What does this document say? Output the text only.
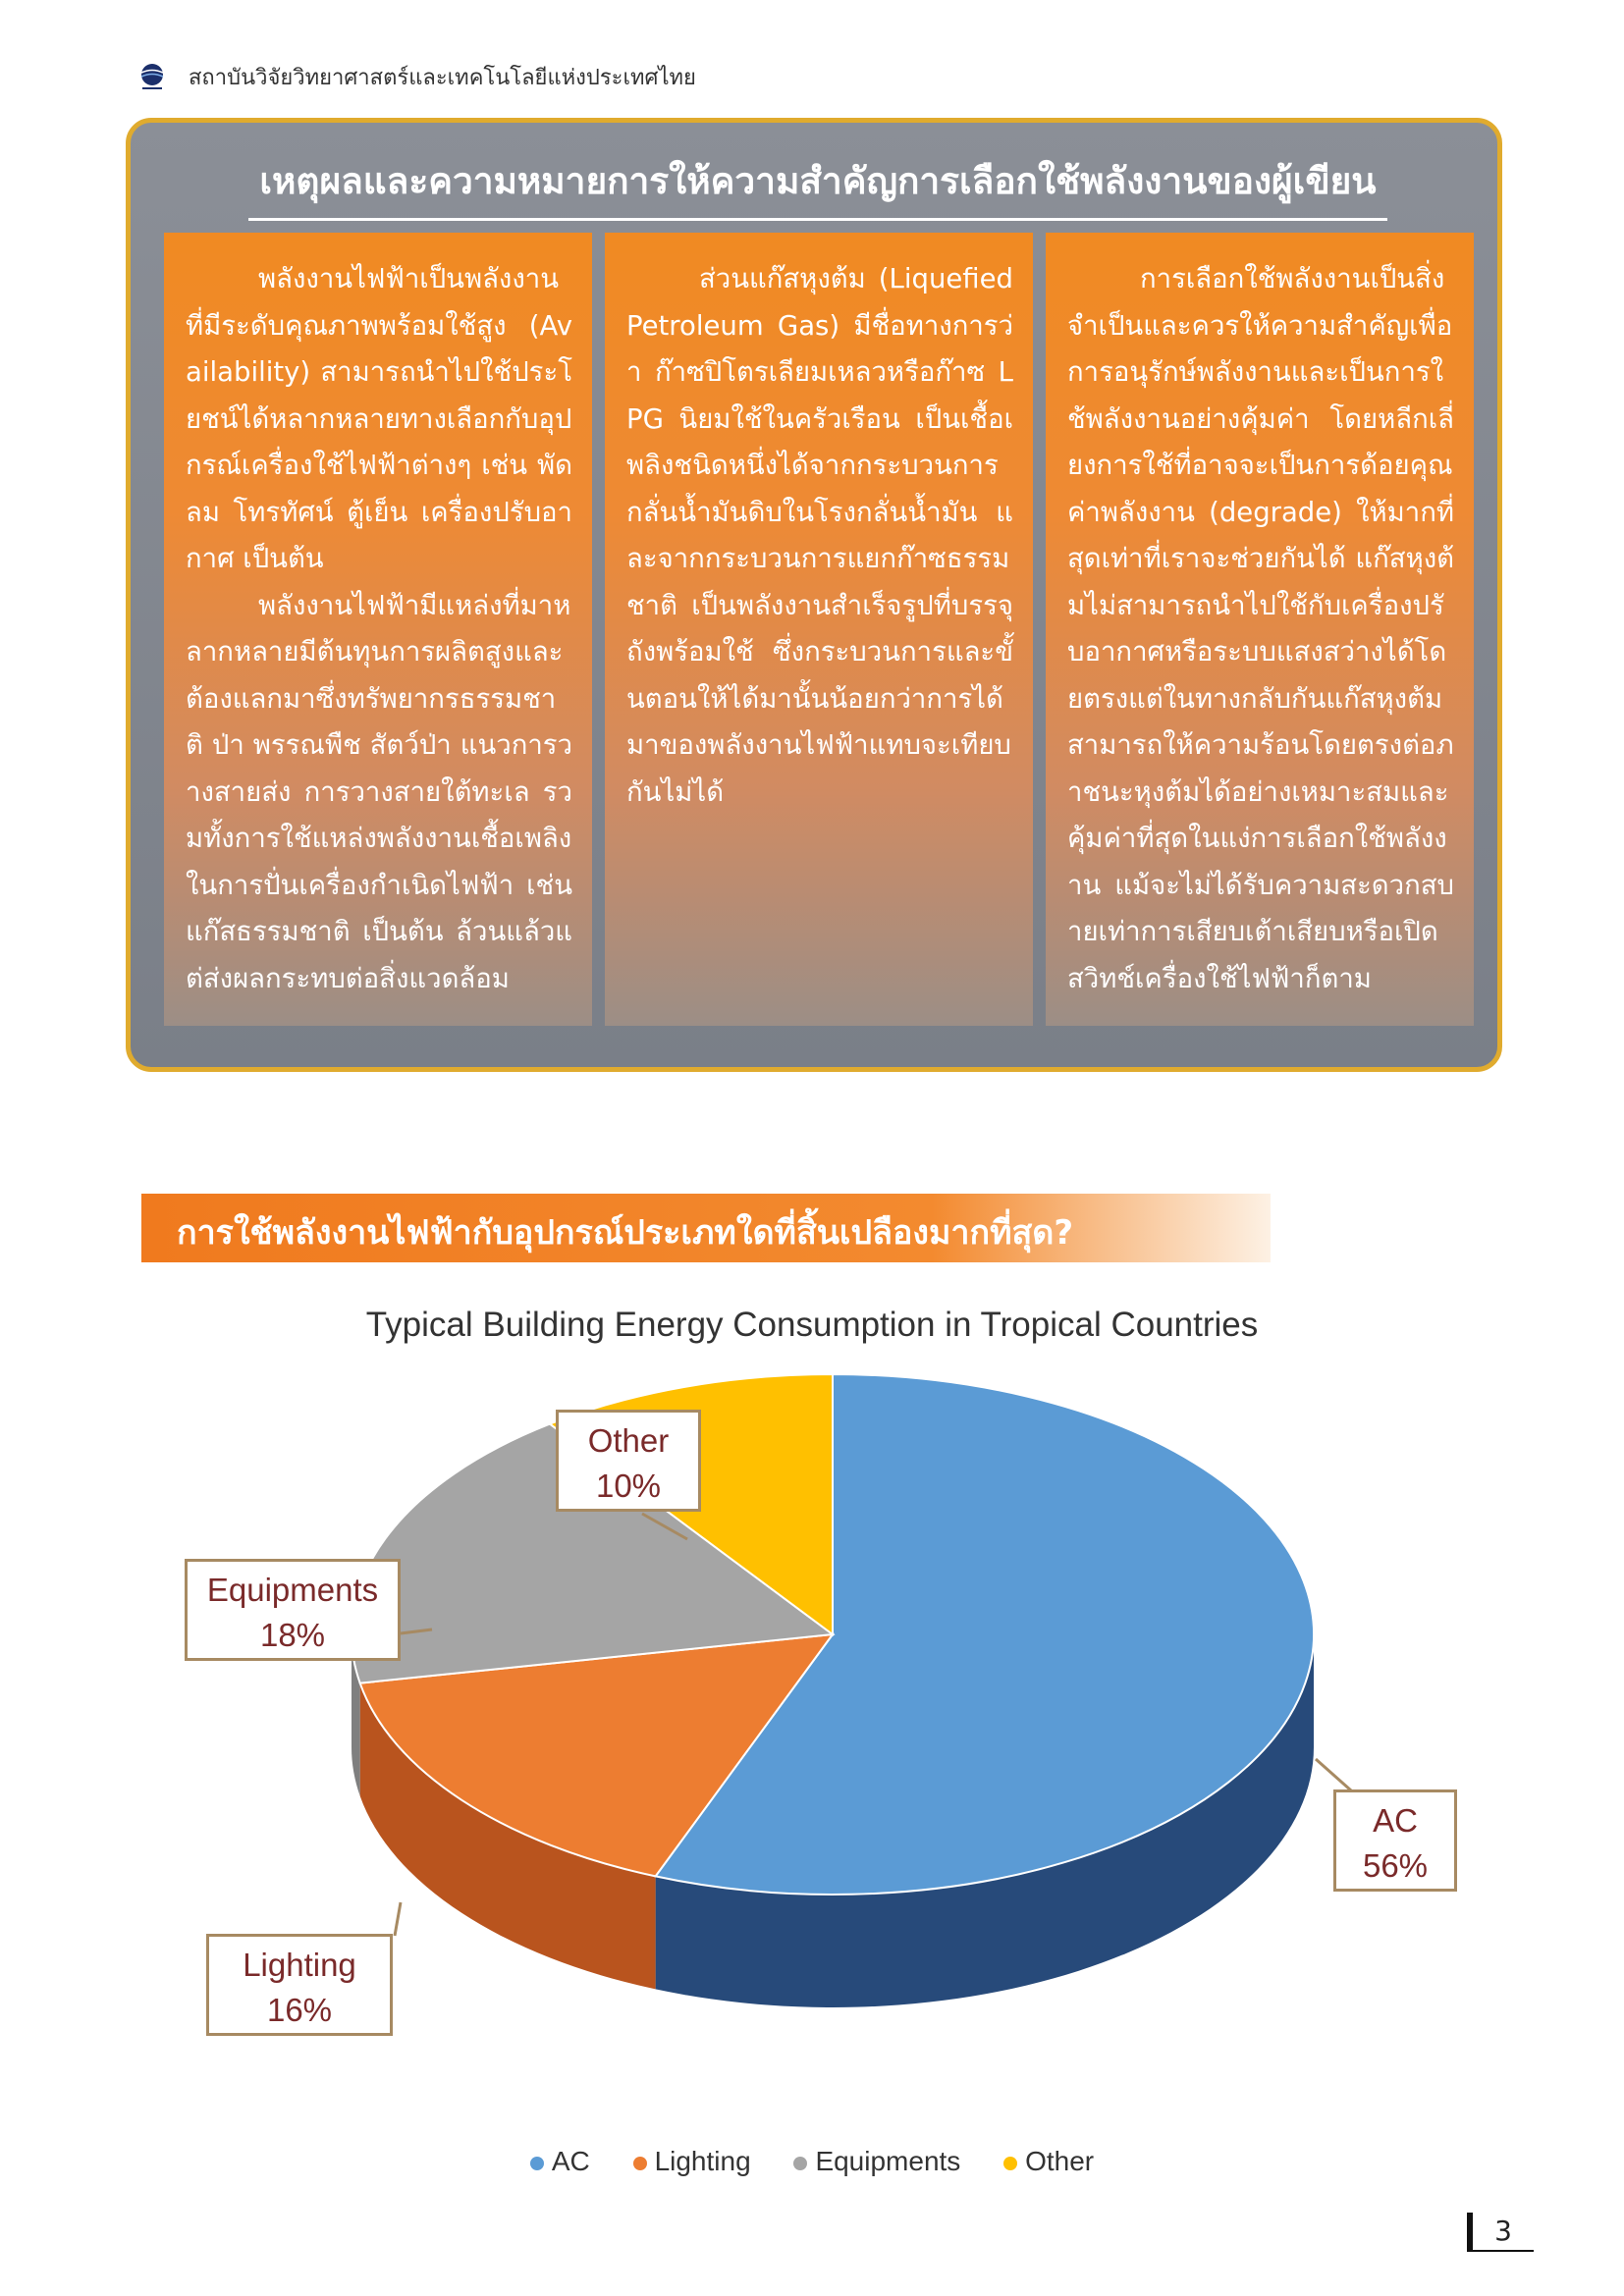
สถาบันวิจัยวิทยาศาสตร์และเทคโนโลยีแห่งประเทศไทย
เหตุผลและความหมายการให้ความสำคัญการเลือกใช้พลังงานของผู้เขียน

พลังงานไฟฟ้าเป็นพลังงานที่มีระดับคุณภาพพร้อมใช้สูง (Availability) สามารถนำไปใช้ประโยชน์ได้หลากหลายทางเลือกกับอุปกรณ์เครื่องใช้ไฟฟ้าต่างๆ เช่น พัดลม โทรทัศน์ ตู้เย็น เครื่องปรับอากาศ เป็นต้น

พลังงานไฟฟ้ามีแหล่งที่มาหลากหลายมีต้นทุนการผลิตสูงและต้องแลกมาซึ่งทรัพยากรธรรมชาติ ป่า พรรณพืช สัตว์ป่า แนวการวางสายส่ง การวางสายใต้ทะเล รวมทั้งการใช้แหล่งพลังงานเชื้อเพลิงในการปั่นเครื่องกำเนิดไฟฟ้า เช่น แก๊สธรรมชาติ เป็นต้น ล้วนแล้วแต่ส่งผลกระทบต่อสิ่งแวดล้อม

ส่วนแก๊สหุงต้ม (Liquefied Petroleum Gas) มีชื่อทางการว่า ก๊าซปิโตรเลียมเหลวหรือก๊าซ LPG นิยมใช้ในครัวเรือน เป็นเชื้อเพลิงชนิดหนึ่งได้จากกระบวนการกลั่นน้ำมันดิบในโรงกลั่นน้ำมัน และจากกระบวนการแยกก๊าซธรรมชาติ เป็นพลังงานสำเร็จรูปที่บรรจุถังพร้อมใช้ ซึ่งกระบวนการและขั้นตอนให้ได้มานั้นน้อยกว่าการได้มาของพลังงานไฟฟ้าแทบจะเทียบกันไม่ได้

การเลือกใช้พลังงานเป็นสิ่งจำเป็นและควรให้ความสำคัญเพื่อการอนุรักษ์พลังงานและเป็นการใช้พลังงานอย่างคุ้มค่า โดยหลีกเลี่ยงการใช้ที่อาจจะเป็นการด้อยคุณค่าพลังงาน (degrade) ให้มากที่สุดเท่าที่เราจะช่วยกันได้ แก๊สหุงต้มไม่สามารถนำไปใช้กับเครื่องปรับอากาศหรือระบบแสงสว่างได้โดยตรงแต่ในทางกลับกันแก๊สหุงต้มสามารถให้ความร้อนโดยตรงต่อภาชนะหุงต้มได้อย่างเหมาะสมและคุ้มค่าที่สุดในแง่การเลือกใช้พลังงาน แม้จะไม่ได้รับความสะดวกสบายเท่าการเสียบเต้าเสียบหรือเปิดสวิทช์เครื่องใช้ไฟฟ้าก็ตาม

การใช้พลังงานไฟฟ้ากับอุปกรณ์ประเภทใดที่สิ้นเปลืองมากที่สุด?
Typical Building Energy Consumption in Tropical Countries
Other
10%
Equipments
18%
AC
56%
Lighting
16%
AC Lighting Equipments Other
3
